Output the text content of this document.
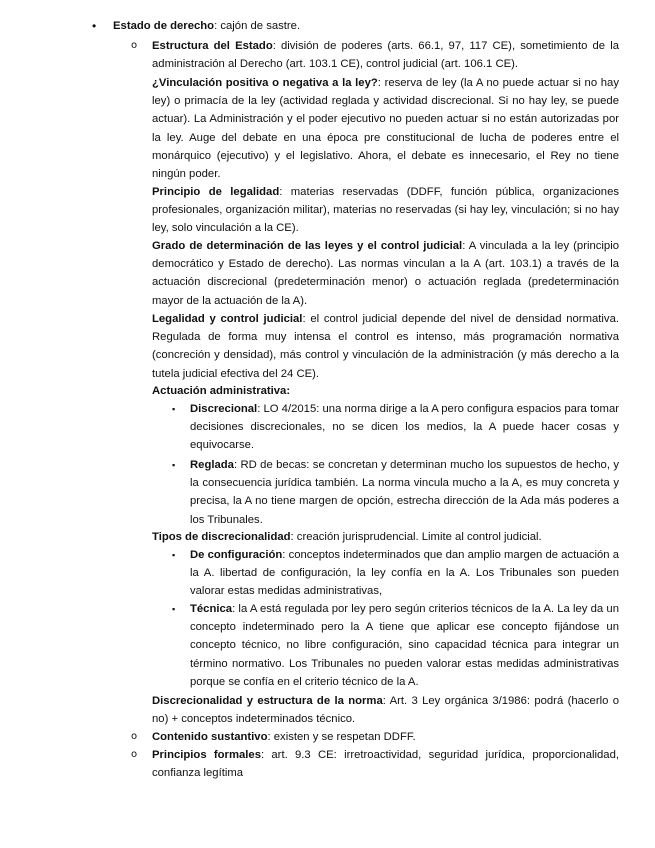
• Estado de derecho: cajón de sastre.

o Estructura del Estado: división de poderes (arts. 66.1, 97, 117 CE), sometimiento de la administración al Derecho (art. 103.1 CE), control judicial (art. 106.1 CE).

¿Vinculación positiva o negativa a la ley?: reserva de ley (la A no puede actuar si no hay ley) o primacía de la ley (actividad reglada y actividad discrecional. Si no hay ley, se puede actuar). La Administración y el poder ejecutivo no pueden actuar si no están autorizadas por la ley. Auge del debate en una época pre constitucional de lucha de poderes entre el monárquico (ejecutivo) y el legislativo. Ahora, el debate es innecesario, el Rey no tiene ningún poder.

Principio de legalidad: materias reservadas (DDFF, función pública, organizaciones profesionales, organización militar), materias no reservadas (si hay ley, vinculación; si no hay ley, solo vinculación a la CE).

Grado de determinación de las leyes y el control judicial: A vinculada a la ley (principio democrático y Estado de derecho). Las normas vinculan a la A (art. 103.1) a través de la actuación discrecional (predeterminación menor) o actuación reglada (predeterminación mayor de la actuación de la A).

Legalidad y control judicial: el control judicial depende del nivel de densidad normativa. Regulada de forma muy intensa el control es intenso, más programación normativa (concreción y densidad), más control y vinculación de la administración (y más derecho a la tutela judicial efectiva del 24 CE).

Actuación administrativa:

▪ Discrecional: LO 4/2015: una norma dirige a la A pero configura espacios para tomar decisiones discrecionales, no se dicen los medios, la A puede hacer cosas y equivocarse.

▪ Reglada: RD de becas: se concretan y determinan mucho los supuestos de hecho, y la consecuencia jurídica también. La norma vincula mucho a la A, es muy concreta y precisa, la A no tiene margen de opción, estrecha dirección de la Ada más poderes a los Tribunales.

Tipos de discrecionalidad: creación jurisprudencial. Limite al control judicial.

▪ De configuración: conceptos indeterminados que dan amplio margen de actuación a la A. libertad de configuración, la ley confía en la A. Los Tribunales son pueden valorar estas medidas administrativas,

▪ Técnica: la A está regulada por ley pero según criterios técnicos de la A. La ley da un concepto indeterminado pero la A tiene que aplicar ese concepto fijándose un concepto técnico, no libre configuración, sino capacidad técnica para integrar un término normativo. Los Tribunales no pueden valorar estas medidas administrativas porque se confía en el criterio técnico de la A.

Discrecionalidad y estructura de la norma: Art. 3 Ley orgánica 3/1986: podrá (hacerlo o no) + conceptos indeterminados técnico.

o Contenido sustantivo: existen y se respetan DDFF.

o Principios formales: art. 9.3 CE: irretroactividad, seguridad jurídica, proporcionalidad, confianza legítima
